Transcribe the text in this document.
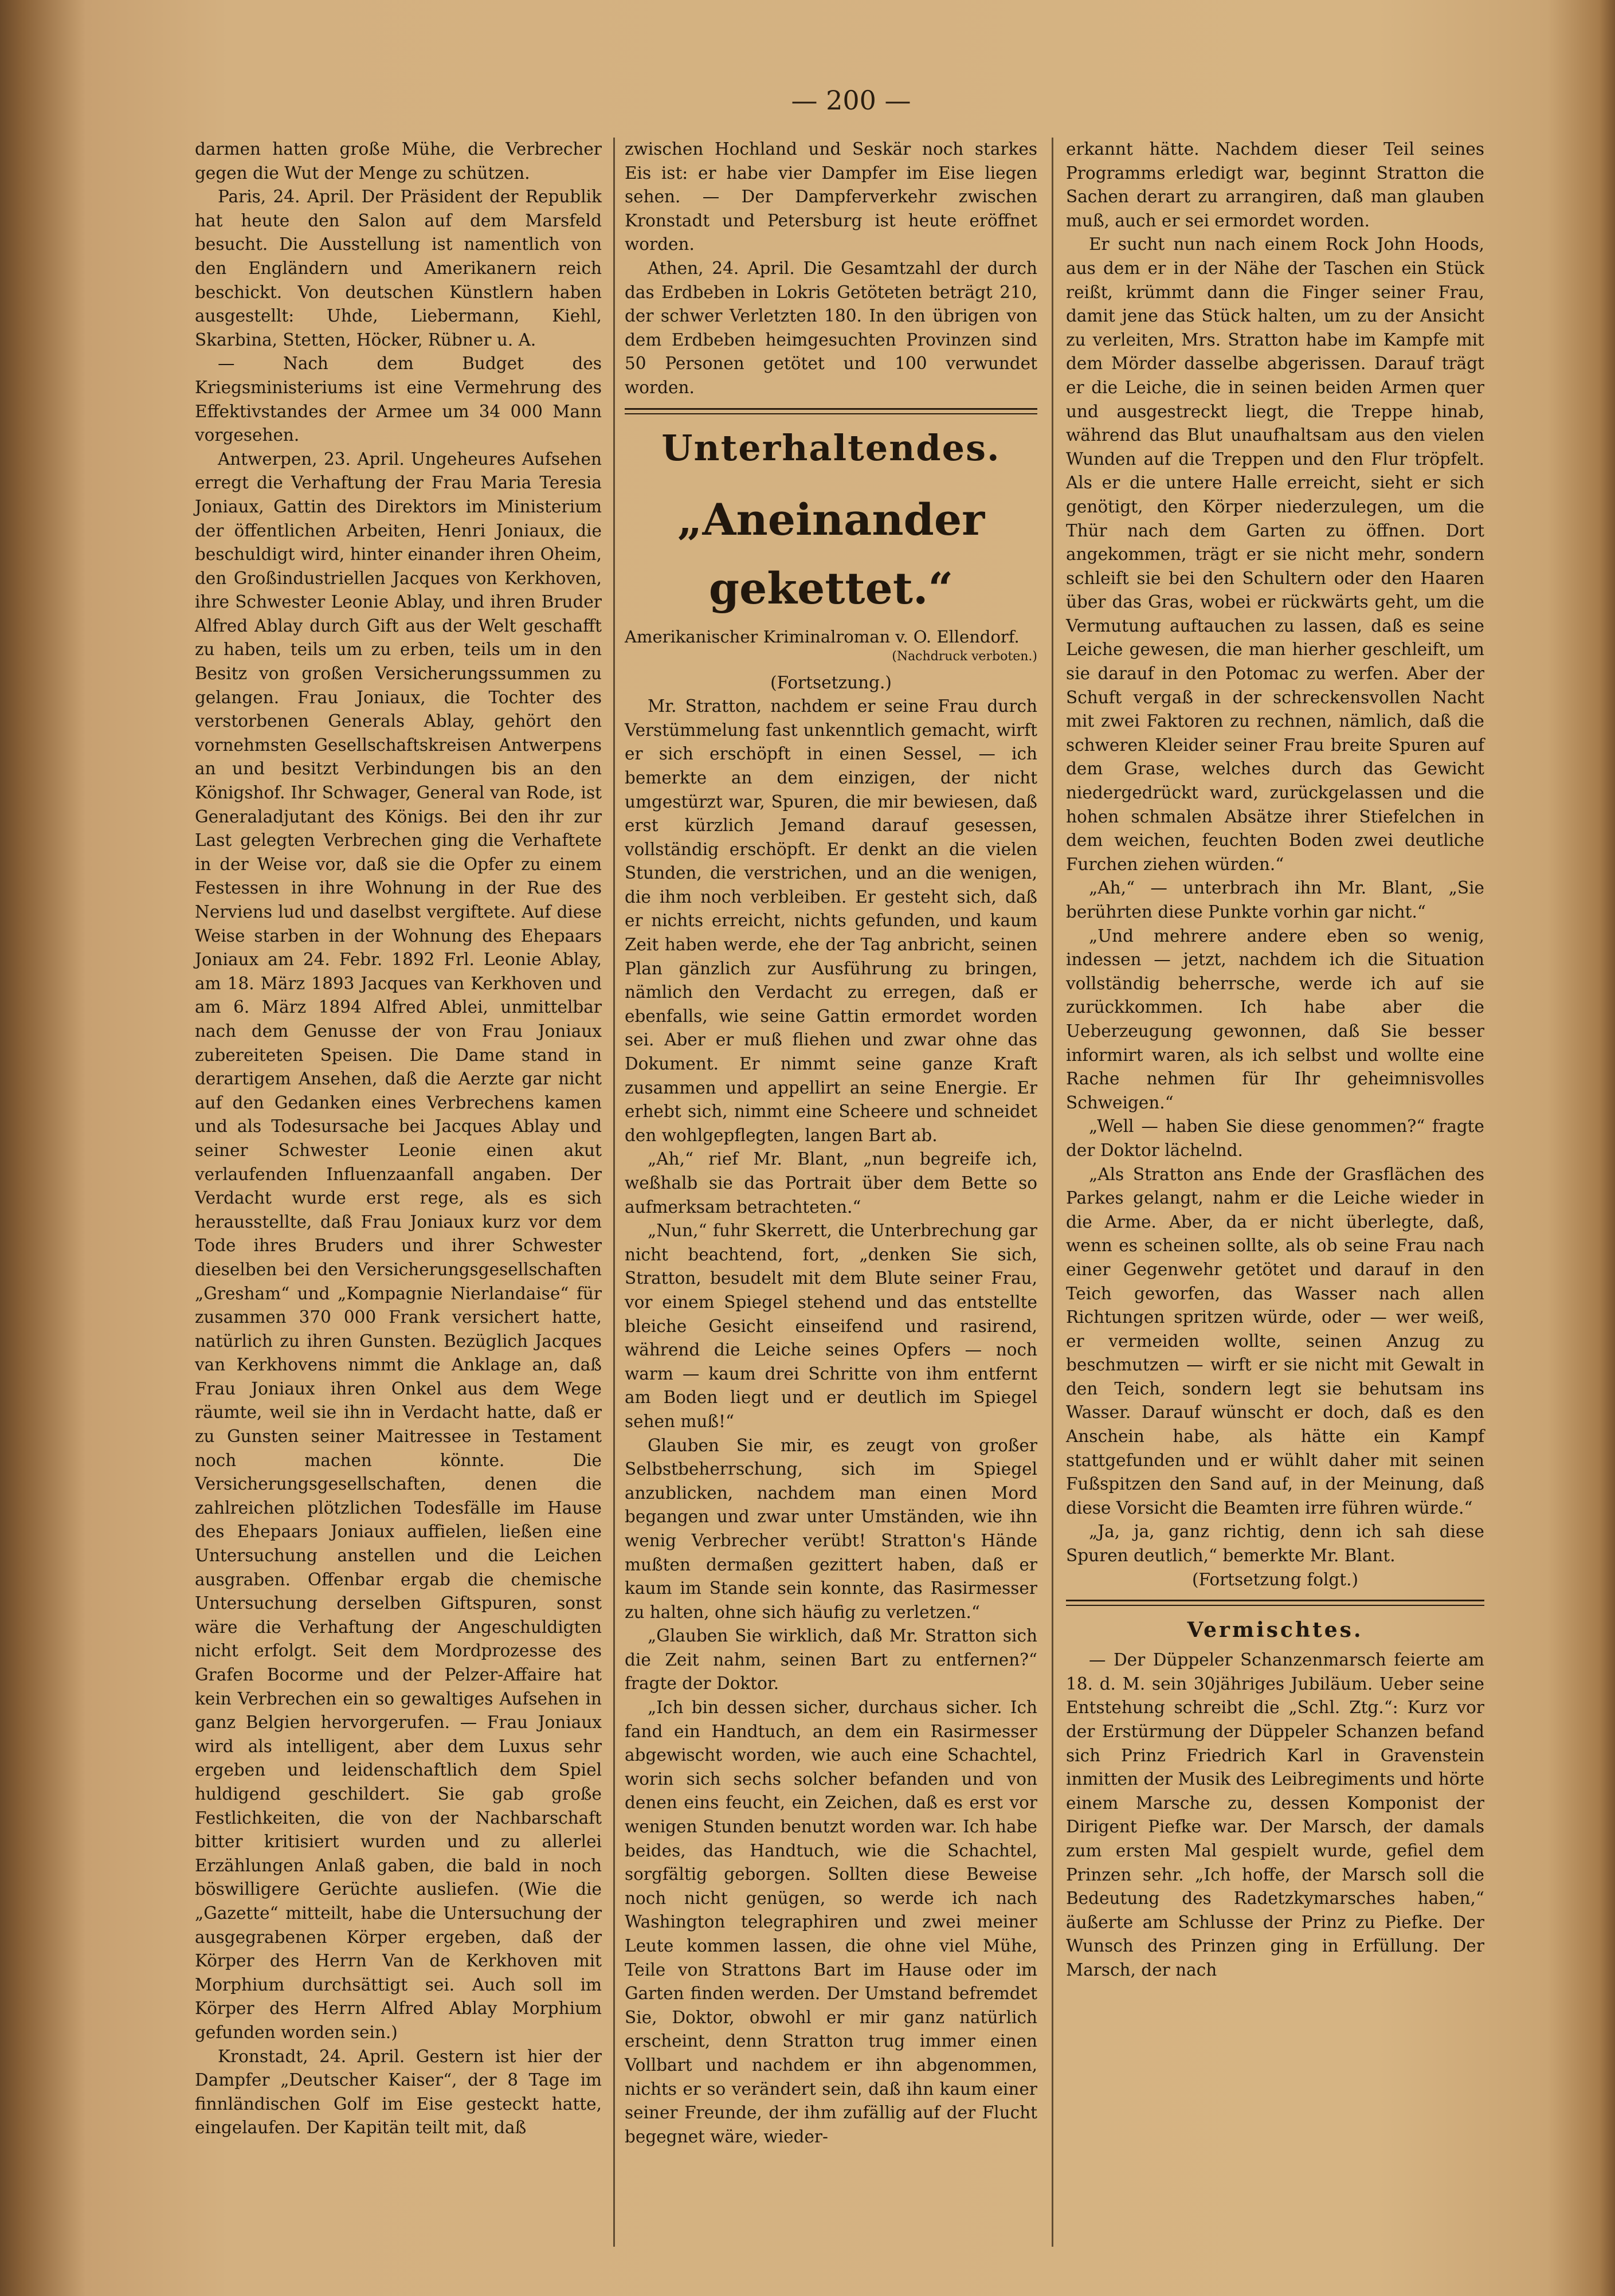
— 200 —

darmen hatten große Mühe, die Verbrecher gegen die Wut der Menge zu schützen.

Paris, 24. April. Der Präsident der Republik hat heute den Salon auf dem Marsfeld besucht. Die Ausstellung ist namentlich von den Engländern und Amerikanern reich beschickt. Von deutschen Künstlern haben ausgestellt: Uhde, Liebermann, Kiehl, Skarbina, Stetten, Höcker, Rübner u. A.

— Nach dem Budget des Kriegsministeriums ist eine Vermehrung des Effektivstandes der Armee um 34 000 Mann vorgesehen.

Antwerpen, 23. April. Ungeheures Aufsehen erregt die Verhaftung der Frau Maria Teresia Joniaux, Gattin des Direktors im Ministerium der öffentlichen Arbeiten, Henri Joniaux, die beschuldigt wird, hinter einander ihren Oheim, den Großindustriellen Jacques von Kerkhoven, ihre Schwester Leonie Ablay, und ihren Bruder Alfred Ablay durch Gift aus der Welt geschafft zu haben, teils um zu erben, teils um in den Besitz von großen Versicherungssummen zu gelangen. Frau Joniaux, die Tochter des verstorbenen Generals Ablay, gehört den vornehmsten Gesellschaftskreisen Antwerpens an und besitzt Verbindungen bis an den Königshof. Ihr Schwager, General van Rode, ist Generaladjutant des Königs. Bei den ihr zur Last gelegten Verbrechen ging die Verhaftete in der Weise vor, daß sie die Opfer zu einem Festessen in ihre Wohnung in der Rue des Nerviens lud und daselbst vergiftete. Auf diese Weise starben in der Wohnung des Ehepaars Joniaux am 24. Febr. 1892 Frl. Leonie Ablay, am 18. März 1893 Jacques van Kerkhoven und am 6. März 1894 Alfred Ablei, unmittelbar nach dem Genusse der von Frau Joniaux zubereiteten Speisen. Die Dame stand in derartigem Ansehen, daß die Aerzte gar nicht auf den Gedanken eines Verbrechens kamen und als Todesursache bei Jacques Ablay und seiner Schwester Leonie einen akut verlaufenden Influenzaanfall angaben. Der Verdacht wurde erst rege, als es sich herausstellte, daß Frau Joniaux kurz vor dem Tode ihres Bruders und ihrer Schwester dieselben bei den Versicherungsgesellschaften „Gresham“ und „Kompagnie Nierlandaise“ für zusammen 370 000 Frank versichert hatte, natürlich zu ihren Gunsten. Bezüglich Jacques van Kerkhovens nimmt die Anklage an, daß Frau Joniaux ihren Onkel aus dem Wege räumte, weil sie ihn in Verdacht hatte, daß er zu Gunsten seiner Maitressee in Testament noch machen könnte. Die Versicherungsgesellschaften, denen die zahlreichen plötzlichen Todesfälle im Hause des Ehepaars Joniaux auffielen, ließen eine Untersuchung anstellen und die Leichen ausgraben. Offenbar ergab die chemische Untersuchung derselben Giftspuren, sonst wäre die Verhaftung der Angeschuldigten nicht erfolgt. Seit dem Mordprozesse des Grafen Bocorme und der Pelzer-Affaire hat kein Verbrechen ein so gewaltiges Aufsehen in ganz Belgien hervorgerufen. — Frau Joniaux wird als intelligent, aber dem Luxus sehr ergeben und leidenschaftlich dem Spiel huldigend geschildert. Sie gab große Festlichkeiten, die von der Nachbarschaft bitter kritisiert wurden und zu allerlei Erzählungen Anlaß gaben, die bald in noch böswilligere Gerüchte ausliefen. (Wie die „Gazette“ mitteilt, habe die Untersuchung der ausgegrabenen Körper ergeben, daß der Körper des Herrn Van de Kerkhoven mit Morphium durchsättigt sei. Auch soll im Körper des Herrn Alfred Ablay Morphium gefunden worden sein.)

Kronstadt, 24. April. Gestern ist hier der Dampfer „Deutscher Kaiser“, der 8 Tage im finnländischen Golf im Eise gesteckt hatte, eingelaufen. Der Kapitän teilt mit, daß

zwischen Hochland und Seskär noch starkes Eis ist: er habe vier Dampfer im Eise liegen sehen. — Der Dampferverkehr zwischen Kronstadt und Petersburg ist heute eröffnet worden.

Athen, 24. April. Die Gesamtzahl der durch das Erdbeben in Lokris Getöteten beträgt 210, der schwer Verletzten 180. In den übrigen von dem Erdbeben heimgesuchten Provinzen sind 50 Personen getötet und 100 verwundet worden.

Unterhaltendes.
„Aneinander gekettet.“
Amerikanischer Kriminalroman v. O. Ellendorf.
(Nachdruck verboten.)

(Fortsetzung.)

Mr. Stratton, nachdem er seine Frau durch Verstümmelung fast unkenntlich gemacht, wirft er sich erschöpft in einen Sessel, — ich bemerkte an dem einzigen, der nicht umgestürzt war, Spuren, die mir bewiesen, daß erst kürzlich Jemand darauf gesessen, vollständig erschöpft. Er denkt an die vielen Stunden, die verstrichen, und an die wenigen, die ihm noch verbleiben. Er gesteht sich, daß er nichts erreicht, nichts gefunden, und kaum Zeit haben werde, ehe der Tag anbricht, seinen Plan gänzlich zur Ausführung zu bringen, nämlich den Verdacht zu erregen, daß er ebenfalls, wie seine Gattin ermordet worden sei. Aber er muß fliehen und zwar ohne das Dokument. Er nimmt seine ganze Kraft zusammen und appellirt an seine Energie. Er erhebt sich, nimmt eine Scheere und schneidet den wohlgepflegten, langen Bart ab.

„Ah,“ rief Mr. Blant, „nun begreife ich, weßhalb sie das Portrait über dem Bette so aufmerksam betrachteten.“

„Nun,“ fuhr Skerrett, die Unterbrechung gar nicht beachtend, fort, „denken Sie sich, Stratton, besudelt mit dem Blute seiner Frau, vor einem Spiegel stehend und das entstellte bleiche Gesicht einseifend und rasirend, während die Leiche seines Opfers — noch warm — kaum drei Schritte von ihm entfernt am Boden liegt und er deutlich im Spiegel sehen muß!“

Glauben Sie mir, es zeugt von großer Selbstbeherrschung, sich im Spiegel anzublicken, nachdem man einen Mord begangen und zwar unter Umständen, wie ihn wenig Verbrecher verübt! Stratton's Hände mußten dermaßen gezittert haben, daß er kaum im Stande sein konnte, das Rasirmesser zu halten, ohne sich häufig zu verletzen.“

„Glauben Sie wirklich, daß Mr. Stratton sich die Zeit nahm, seinen Bart zu entfernen?“ fragte der Doktor.

„Ich bin dessen sicher, durchaus sicher. Ich fand ein Handtuch, an dem ein Rasirmesser abgewischt worden, wie auch eine Schachtel, worin sich sechs solcher befanden und von denen eins feucht, ein Zeichen, daß es erst vor wenigen Stunden benutzt worden war. Ich habe beides, das Handtuch, wie die Schachtel, sorgfältig geborgen. Sollten diese Beweise noch nicht genügen, so werde ich nach Washington telegraphiren und zwei meiner Leute kommen lassen, die ohne viel Mühe, Teile von Strattons Bart im Hause oder im Garten finden werden. Der Umstand befremdet Sie, Doktor, obwohl er mir ganz natürlich erscheint, denn Stratton trug immer einen Vollbart und nachdem er ihn abgenommen, nichts er so verändert sein, daß ihn kaum einer seiner Freunde, der ihm zufällig auf der Flucht begegnet wäre, wieder-

erkannt hätte. Nachdem dieser Teil seines Programms erledigt war, beginnt Stratton die Sachen derart zu arrangiren, daß man glauben muß, auch er sei ermordet worden.

Er sucht nun nach einem Rock John Hoods, aus dem er in der Nähe der Taschen ein Stück reißt, krümmt dann die Finger seiner Frau, damit jene das Stück halten, um zu der Ansicht zu verleiten, Mrs. Stratton habe im Kampfe mit dem Mörder dasselbe abgerissen. Darauf trägt er die Leiche, die in seinen beiden Armen quer und ausgestreckt liegt, die Treppe hinab, während das Blut unaufhaltsam aus den vielen Wunden auf die Treppen und den Flur tröpfelt. Als er die untere Halle erreicht, sieht er sich genötigt, den Körper niederzulegen, um die Thür nach dem Garten zu öffnen. Dort angekommen, trägt er sie nicht mehr, sondern schleift sie bei den Schultern oder den Haaren über das Gras, wobei er rückwärts geht, um die Vermutung auftauchen zu lassen, daß es seine Leiche gewesen, die man hierher geschleift, um sie darauf in den Potomac zu werfen. Aber der Schuft vergaß in der schreckensvollen Nacht mit zwei Faktoren zu rechnen, nämlich, daß die schweren Kleider seiner Frau breite Spuren auf dem Grase, welches durch das Gewicht niedergedrückt ward, zurückgelassen und die hohen schmalen Absätze ihrer Stiefelchen in dem weichen, feuchten Boden zwei deutliche Furchen ziehen würden.“

„Ah,“ — unterbrach ihn Mr. Blant, „Sie berührten diese Punkte vorhin gar nicht.“

„Und mehrere andere eben so wenig, indessen — jetzt, nachdem ich die Situation vollständig beherrsche, werde ich auf sie zurückkommen. Ich habe aber die Ueberzeugung gewonnen, daß Sie besser informirt waren, als ich selbst und wollte eine Rache nehmen für Ihr geheimnisvolles Schweigen.“

„Well — haben Sie diese genommen?“ fragte der Doktor lächelnd.

„Als Stratton ans Ende der Grasflächen des Parkes gelangt, nahm er die Leiche wieder in die Arme. Aber, da er nicht überlegte, daß, wenn es scheinen sollte, als ob seine Frau nach einer Gegenwehr getötet und darauf in den Teich geworfen, das Wasser nach allen Richtungen spritzen würde, oder — wer weiß, er vermeiden wollte, seinen Anzug zu beschmutzen — wirft er sie nicht mit Gewalt in den Teich, sondern legt sie behutsam ins Wasser. Darauf wünscht er doch, daß es den Anschein habe, als hätte ein Kampf stattgefunden und er wühlt daher mit seinen Fußspitzen den Sand auf, in der Meinung, daß diese Vorsicht die Beamten irre führen würde.“

„Ja, ja, ganz richtig, denn ich sah diese Spuren deutlich,“ bemerkte Mr. Blant.

(Fortsetzung folgt.)

Vermischtes.

— Der Düppeler Schanzenmarsch feierte am 18. d. M. sein 30jähriges Jubiläum. Ueber seine Entstehung schreibt die „Schl. Ztg.“: Kurz vor der Erstürmung der Düppeler Schanzen befand sich Prinz Friedrich Karl in Gravenstein inmitten der Musik des Leibregiments und hörte einem Marsche zu, dessen Komponist der Dirigent Piefke war. Der Marsch, der damals zum ersten Mal gespielt wurde, gefiel dem Prinzen sehr. „Ich hoffe, der Marsch soll die Bedeutung des Radetzkymarsches haben,“ äußerte am Schlusse der Prinz zu Piefke. Der Wunsch des Prinzen ging in Erfüllung. Der Marsch, der nach
